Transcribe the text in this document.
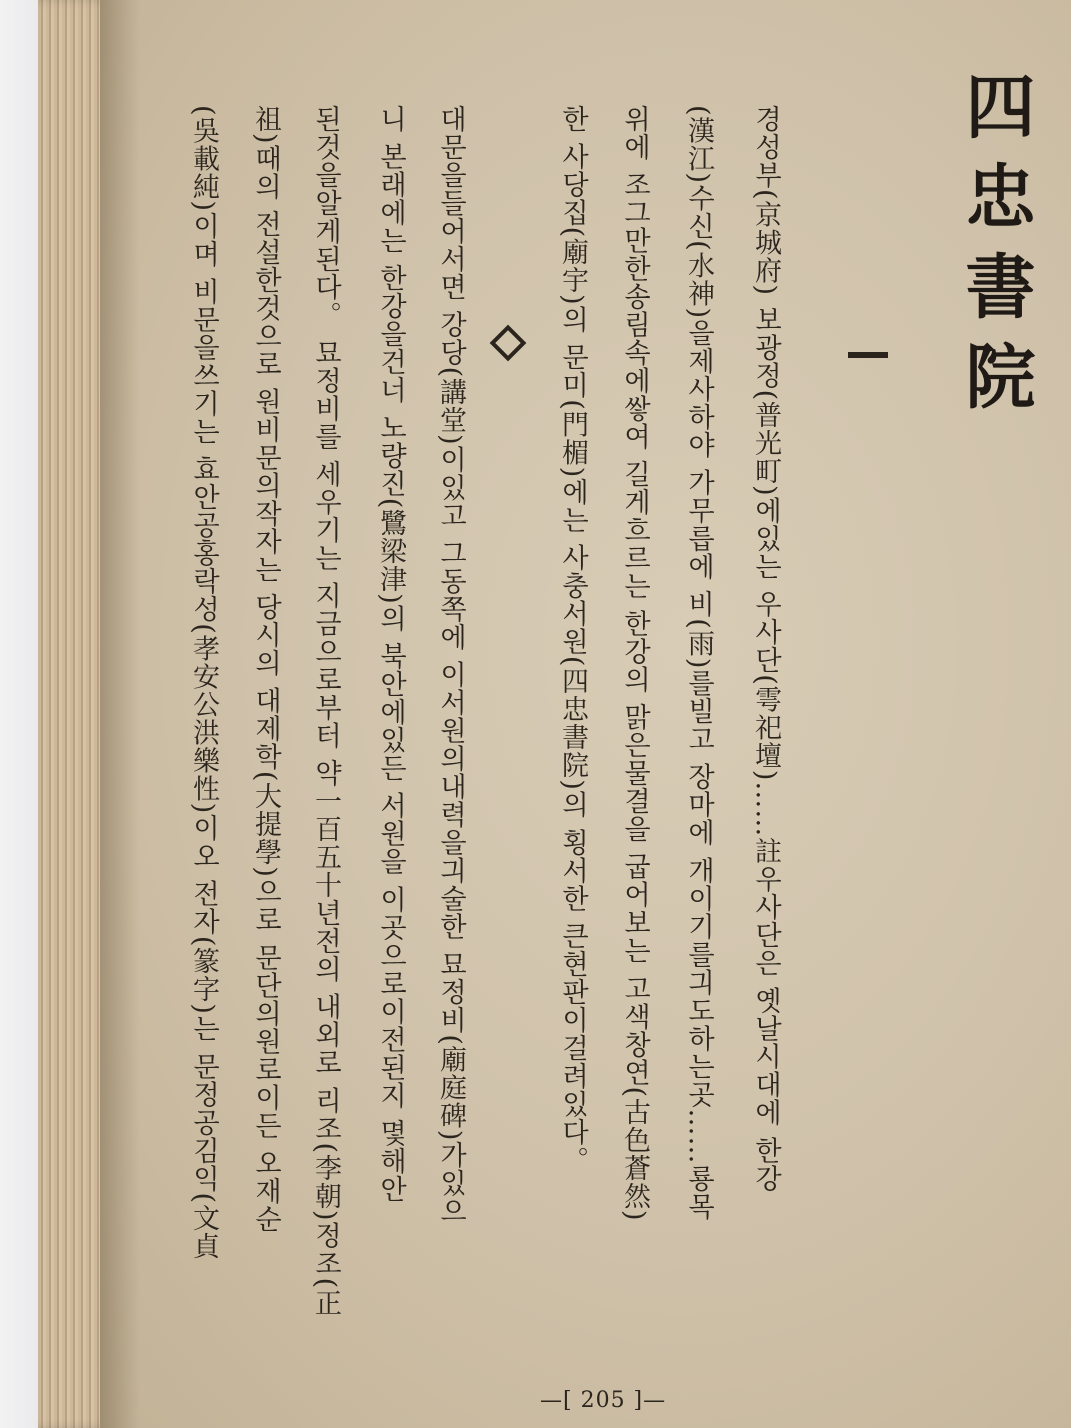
四忠書院
경성부(京城府) 보광정(普光町)에있는 우사단(雩祀壇)……註우사단은 옛날시대에 한강
(漢江)수신(水神)을제사하야 가무릅에 비(雨)를빌고 장마에 개이기를긔도하는곳……룡목
위에 조그만한송림속에쌓여 길게흐르는 한강의 맑은물결을 굽어보는 고색창연(古色蒼然)
한 사당집(廟宇)의 문미(門楣)에는 사충서원(四忠書院)의 횡서한 큰현판이걸려있다。
대문을들어서면 강당(講堂)이있고 그동쪽에 이서원의내력을긔술한 묘정비(廟庭碑)가있으
니 본래에는 한강을건너 노량진(鷺梁津)의 북안에있든 서원을 이곳으로이전된지 몇해안
된것을알게된다。 묘정비를 세우기는 지금으로부터 약一百五十년전의 내외로 리조(李朝)정조(正
祖)때의 전설한것으로 원비문의작자는 당시의 대제학(大提學)으로 문단의원로이든 오재순
(吳載純)이며 비문을쓰기는 효안공홍락성(孝安公洪樂性)이오 전자(篆字)는 문정공김익(文貞
—[ 205 ]—
